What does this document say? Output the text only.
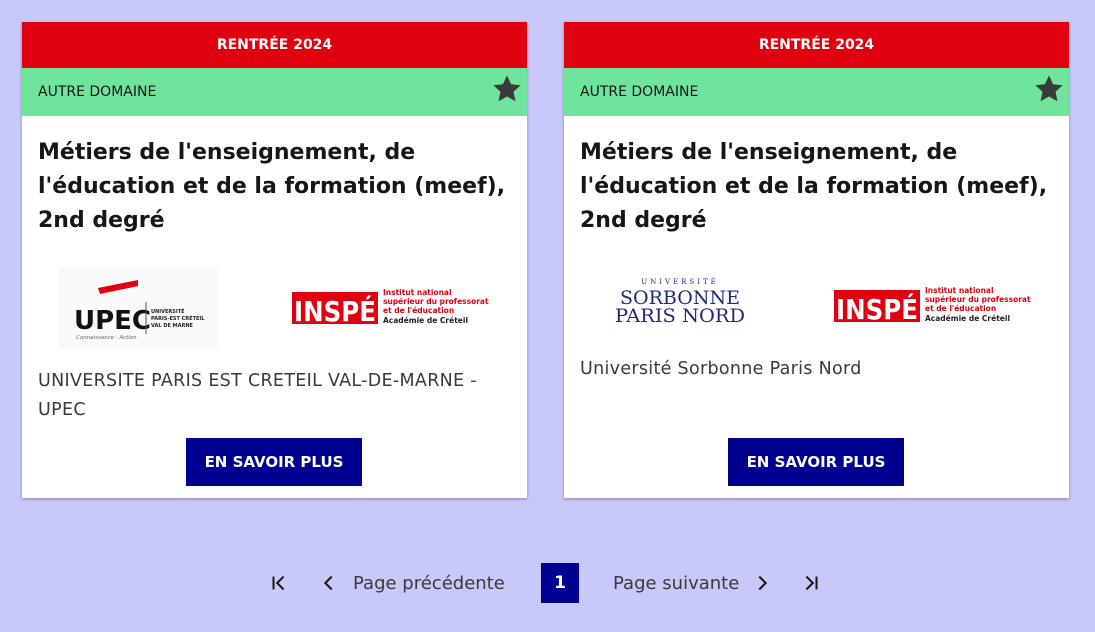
RENTRÉE 2024
AUTRE DOMAINE
Métiers de l'enseignement, de l'éducation et de la formation (meef), 2nd degré
UPEC UNIVERSITÉ
PARIS-EST CRÉTEIL
VAL DE MARNE
Connaissance · Action
INSPÉ
Institut national
supérieur du professorat
et de l'éducation
Académie de Créteil
UNIVERSITE PARIS EST CRETEIL VAL-DE-MARNE - UPEC
EN SAVOIR PLUS
RENTRÉE 2024
AUTRE DOMAINE
Métiers de l'enseignement, de l'éducation et de la formation (meef), 2nd degré
UNIVERSITÉ
SORBONNE
PARIS NORD	INSPÉ
Institut national
supérieur du professorat
et de l'éducation
Académie de Créteil
Université Sorbonne Paris Nord
EN SAVOIR PLUS
Page précédente	1	Page suivante
